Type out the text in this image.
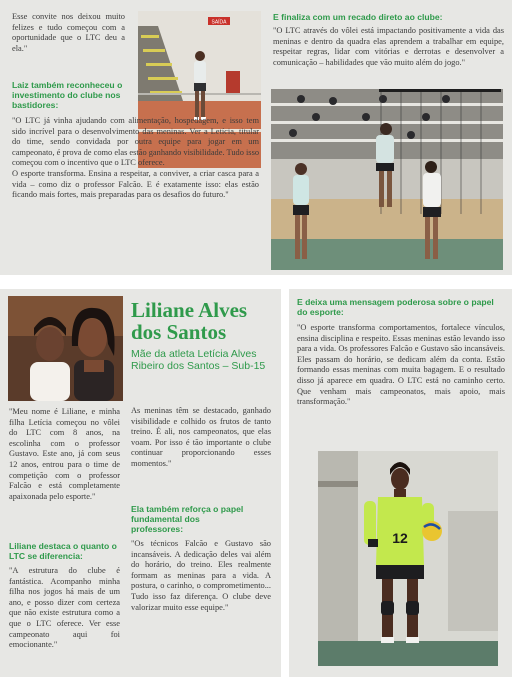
Esse convite nos deixou muito felizes e tudo começou com a oportunidade que o LTC deu a ela."

SAÍDA

Laiz também reconheceu o investimento do clube nos bastidores:

"O LTC já vinha ajudando com alimentação, hospedagem, e isso tem sido incrível para o desenvolvimento das meninas. Ver a Letícia, titular do time, sendo convidada por outra equipe para jogar em um campeonato, é prova de como elas estão ganhando visibilidade. Tudo isso começou com o incentivo que o LTC oferece.
O esporte transforma. Ensina a respeitar, a conviver, a criar casca para a vida – como diz o professor Falcão. E é exatamente isso: elas estão ficando mais fortes, mais preparadas para os desafios do futuro."

E finaliza com um recado direto ao clube:

"O LTC através do vôlei está impactando positivamente a vida das meninas e dentro da quadra elas aprendem a trabalhar em equipe, respeitar regras, lidar com vitórias e derrotas e desenvolver a comunicação – habilidades que vão muito além do jogo."

Liliane Alves dos Santos

Mãe da atleta Letícia Alves Ribeiro dos Santos – Sub-15

"Meu nome é Liliane, e minha filha Letícia começou no vôlei do LTC com 8 anos, na escolinha com o professor Gustavo. Este ano, já com seus 12 anos, entrou para o time de competição com o professor Falcão e está completamente apaixonada pelo esporte."

Liliane destaca o quanto o LTC se diferencia:

"A estrutura do clube é fantástica. Acompanho minha filha nos jogos há mais de um ano, e posso dizer com certeza que não existe estrutura como a que o LTC oferece. Ver esse campeonato aqui foi emocionante."

As meninas têm se destacado, ganhado visibilidade e colhido os frutos de tanto treino. É ali, nos campeonatos, que elas voam. Por isso é tão importante o clube continuar proporcionando esses momentos."

Ela também reforça o papel fundamental dos professores:

"Os técnicos Falcão e Gustavo são incansáveis. A dedicação deles vai além do horário, do treino. Eles realmente formam as meninas para a vida. A postura, o carinho, o comprometimento... Tudo isso faz diferença. O clube deve valorizar muito esse equipe."

E deixa uma mensagem poderosa sobre o papel do esporte:

"O esporte transforma comportamentos, fortalece vínculos, ensina disciplina e respeito. Essas meninas estão levando isso para a vida. Os professores Falcão e Gustavo são incansáveis. Eles passam do horário, se dedicam além da conta. Estão formando essas meninas com muita bagagem. E o resultado disso já aparece em quadra. O LTC está no caminho certo. Que venham mais campeonatos, mais apoio, mais transformação."

12
